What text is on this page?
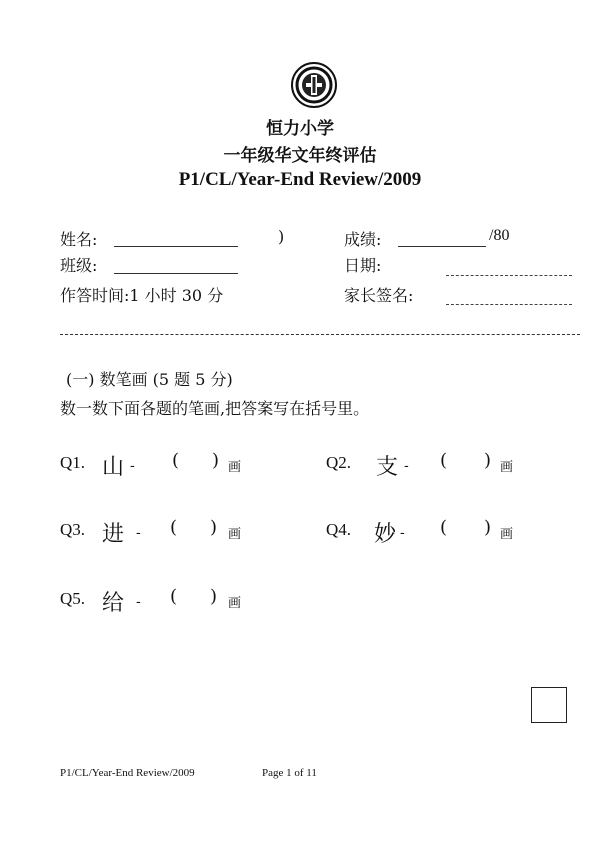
恒力小学
一年级华文年终评估
P1/CL/Year-End Review/2009
姓名:	)	成绩:	/80
班级:	日期:
作答时间:1 小时 30 分	家长签名:
(一) 数笔画 (5 题 5 分)
数一数下面各题的笔画,把答案写在括号里。
Q1. 山 - ( ) 画	Q2. 支 - ( ) 画
Q3. 进 - ( ) 画	Q4. 妙 - ( ) 画
Q5. 给 - ( ) 画
P1/CL/Year-End Review/2009	Page 1 of 11
